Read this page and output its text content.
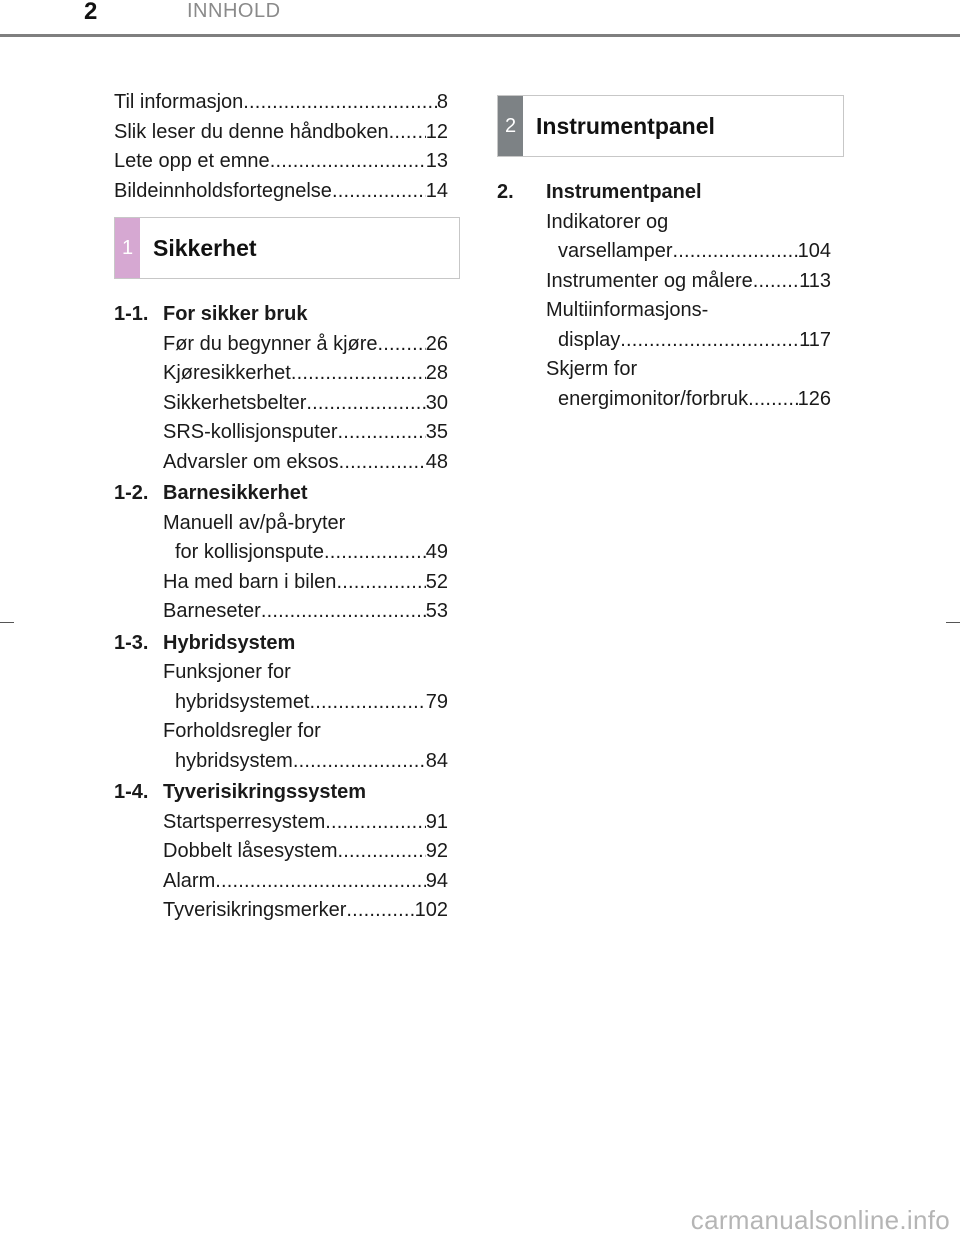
2	INNHOLD
Til informasjon .....	8
Slik leser du denne håndboken ..... 12
Lete opp et emne .....	13
Bildeinnholdsfortegnelse .....	14
1 Sikkerhet
1-1. For sikker bruk
Før du begynner å kjøre ..... 26
Kjøresikkerhet .....	28
Sikkerhetsbelter .....	30
SRS-kollisjonsputer .....	35
Advarsler om eksos .....	48
1-2. Barnesikkerhet
Manuell av/på-bryter
for kollisjonspute .....	49
Ha med barn i bilen .....	52
Barneseter .....	53
1-3. Hybridsystem
Funksjoner for
hybridsystemet .....	79
Forholdsregler for
hybridsystem .....	84
1-4. Tyverisikringssystem
Startsperresystem .....	91
Dobbelt låsesystem .....	92
Alarm .....	94
Tyverisikringsmerker .....	102
2 Instrumentpanel
2.	Instrumentpanel
Indikatorer og
varsellamper .....	104
Instrumenter og målere ..... 113
Multiinformasjons-
display .....	117
Skjerm for
energimonitor/forbruk ..... 126
carmanualsonline.info
